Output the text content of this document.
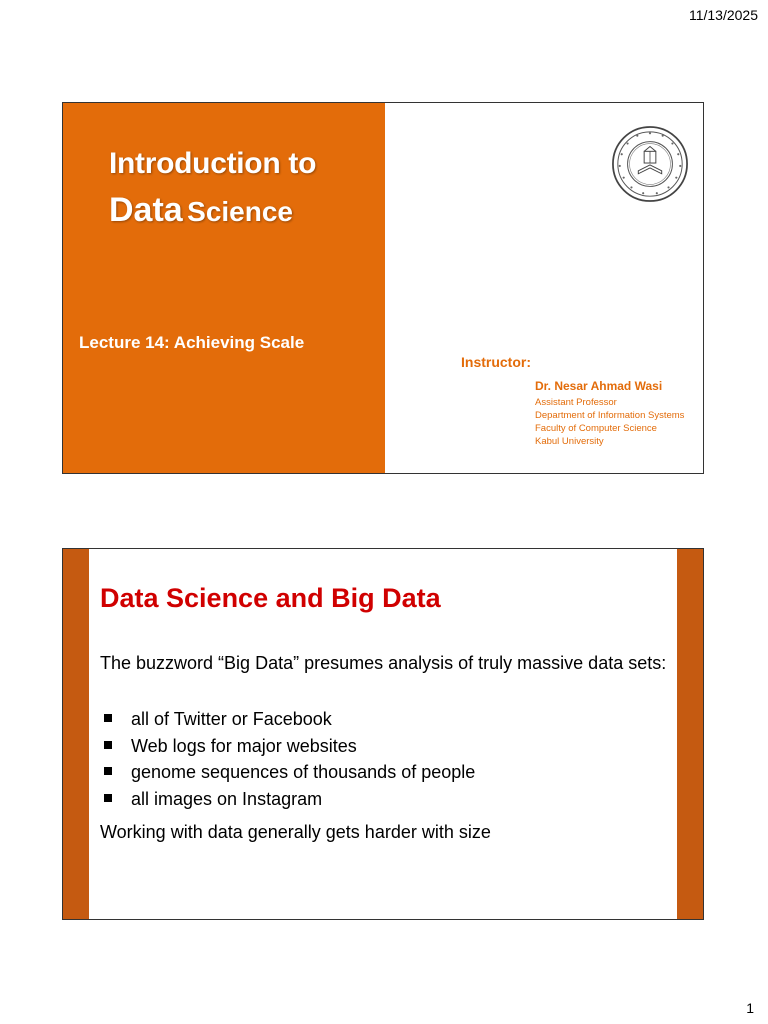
11/13/2025
Introduction to
Data Science
Lecture 14: Achieving Scale
Instructor:
Dr. Nesar Ahmad Wasi
Assistant Professor
Department of Information Systems
Faculty of Computer Science
Kabul University
Data Science and Big Data
The buzzword “Big Data” presumes analysis of truly massive data sets:
all of Twitter or Facebook
Web logs for major websites
genome sequences of thousands of people
all images on Instagram
Working with data generally gets harder with size
1
